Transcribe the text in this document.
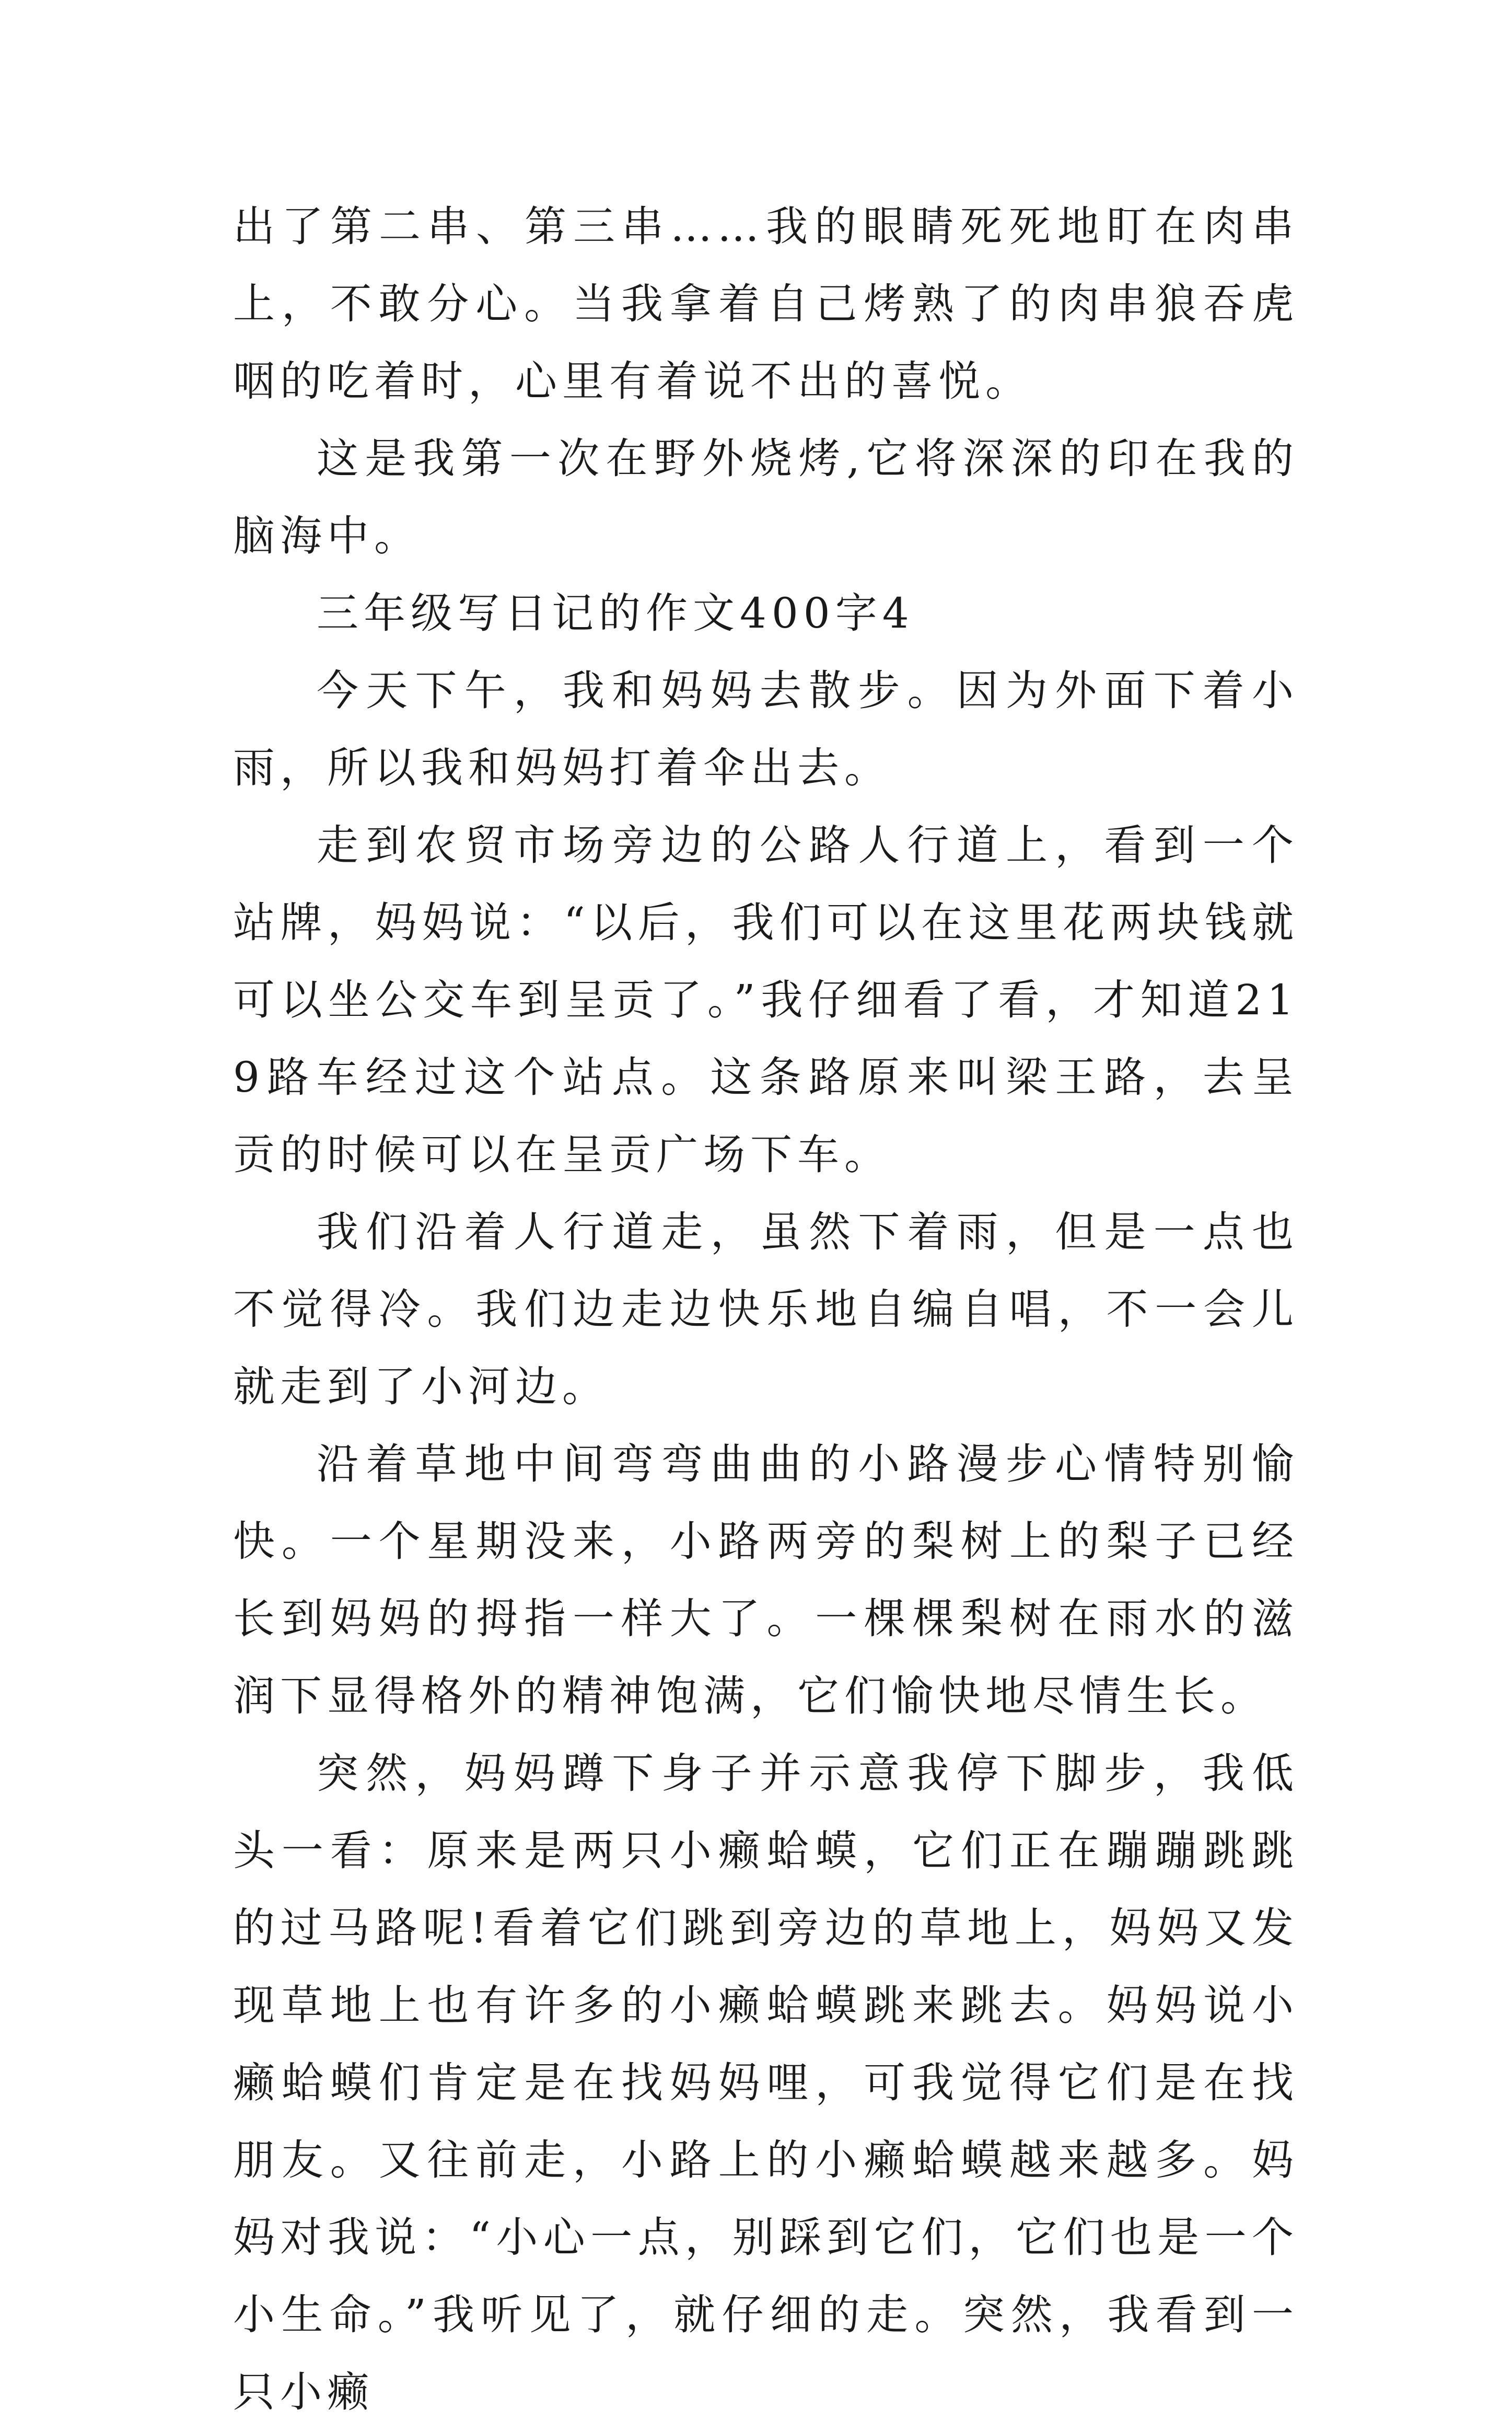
出了第二串、第三串……我的眼睛死死地盯在肉串上，不敢分心。当我拿着自己烤熟了的肉串狼吞虎咽的吃着时，心里有着说不出的喜悦。

这是我第一次在野外烧烤,它将深深的印在我的脑海中。

三年级写日记的作文400字4

今天下午，我和妈妈去散步。因为外面下着小雨，所以我和妈妈打着伞出去。

走到农贸市场旁边的公路人行道上，看到一个站牌，妈妈说：“以后，我们可以在这里花两块钱就可以坐公交车到呈贡了。”我仔细看了看，才知道219路车经过这个站点。这条路原来叫梁王路，去呈贡的时候可以在呈贡广场下车。

我们沿着人行道走，虽然下着雨，但是一点也不觉得冷。我们边走边快乐地自编自唱，不一会儿就走到了小河边。

沿着草地中间弯弯曲曲的小路漫步心情特别愉快。一个星期没来，小路两旁的梨树上的梨子已经长到妈妈的拇指一样大了。一棵棵梨树在雨水的滋润下显得格外的精神饱满，它们愉快地尽情生长。

突然，妈妈蹲下身子并示意我停下脚步，我低头一看：原来是两只小癞蛤蟆，它们正在蹦蹦跳跳的过马路呢!看着它们跳到旁边的草地上，妈妈又发现草地上也有许多的小癞蛤蟆跳来跳去。妈妈说小癞蛤蟆们肯定是在找妈妈哩，可我觉得它们是在找朋友。又往前走，小路上的小癞蛤蟆越来越多。妈妈对我说：“小心一点，别踩到它们，它们也是一个小生命。”我听见了，就仔细的走。突然，我看到一只小癞
